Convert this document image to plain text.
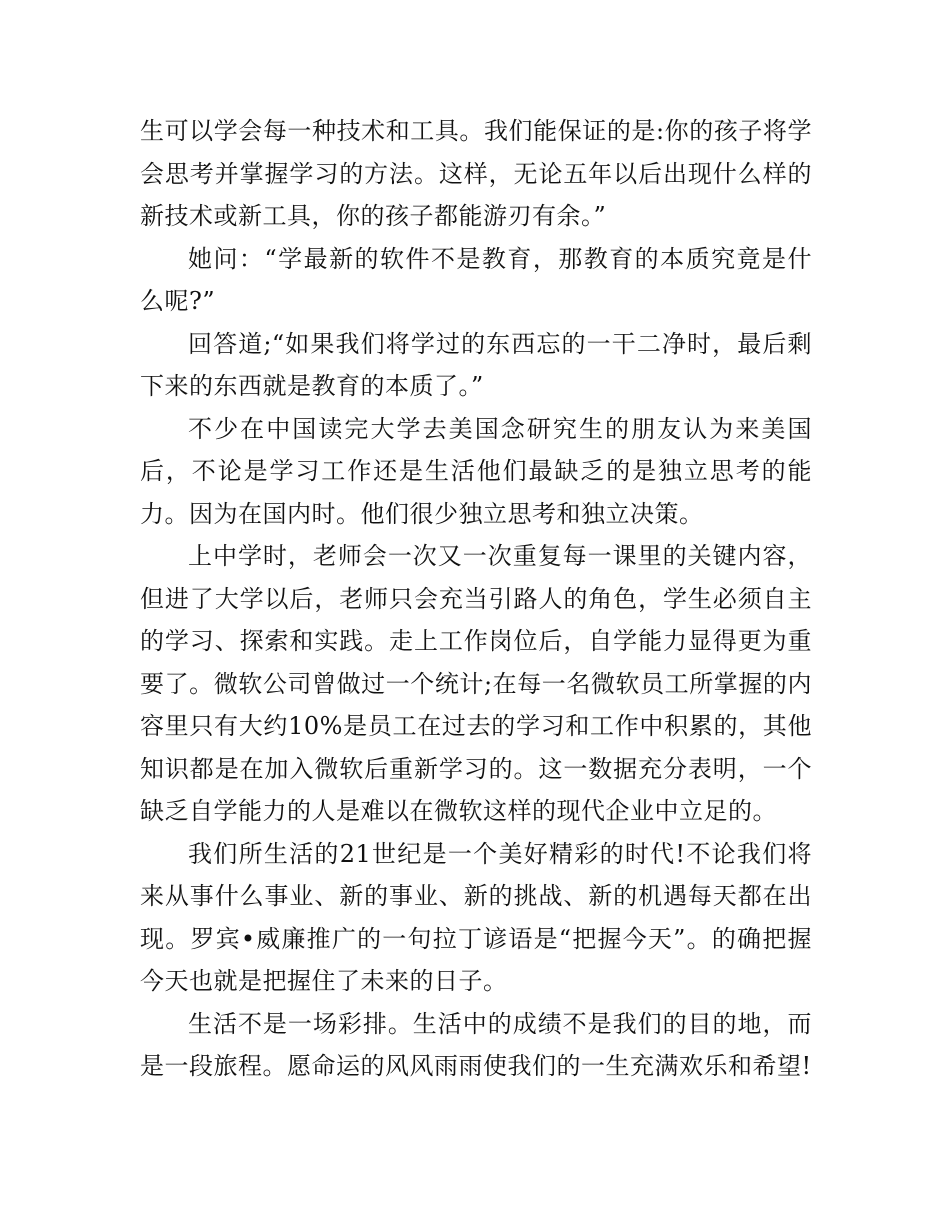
生可以学会每一种技术和工具。我们能保证的是:你的孩子将学会思考并掌握学习的方法。这样，无论五年以后出现什么样的新技术或新工具，你的孩子都能游刃有余。”

她问：“学最新的软件不是教育，那教育的本质究竟是什么呢?”

回答道;“如果我们将学过的东西忘的一干二净时，最后剩下来的东西就是教育的本质了。”

不少在中国读完大学去美国念研究生的朋友认为来美国后，不论是学习工作还是生活他们最缺乏的是独立思考的能力。因为在国内时。他们很少独立思考和独立决策。

上中学时，老师会一次又一次重复每一课里的关键内容，但进了大学以后，老师只会充当引路人的角色，学生必须自主的学习、探索和实践。走上工作岗位后，自学能力显得更为重要了。微软公司曾做过一个统计;在每一名微软员工所掌握的内容里只有大约10%是员工在过去的学习和工作中积累的，其他知识都是在加入微软后重新学习的。这一数据充分表明，一个缺乏自学能力的人是难以在微软这样的现代企业中立足的。

我们所生活的21世纪是一个美好精彩的时代!不论我们将来从事什么事业、新的事业、新的挑战、新的机遇每天都在出现。罗宾•威廉推广的一句拉丁谚语是“把握今天”。的确把握今天也就是把握住了未来的日子。

生活不是一场彩排。生活中的成绩不是我们的目的地，而是一段旅程。愿命运的风风雨雨使我们的一生充满欢乐和希望!
